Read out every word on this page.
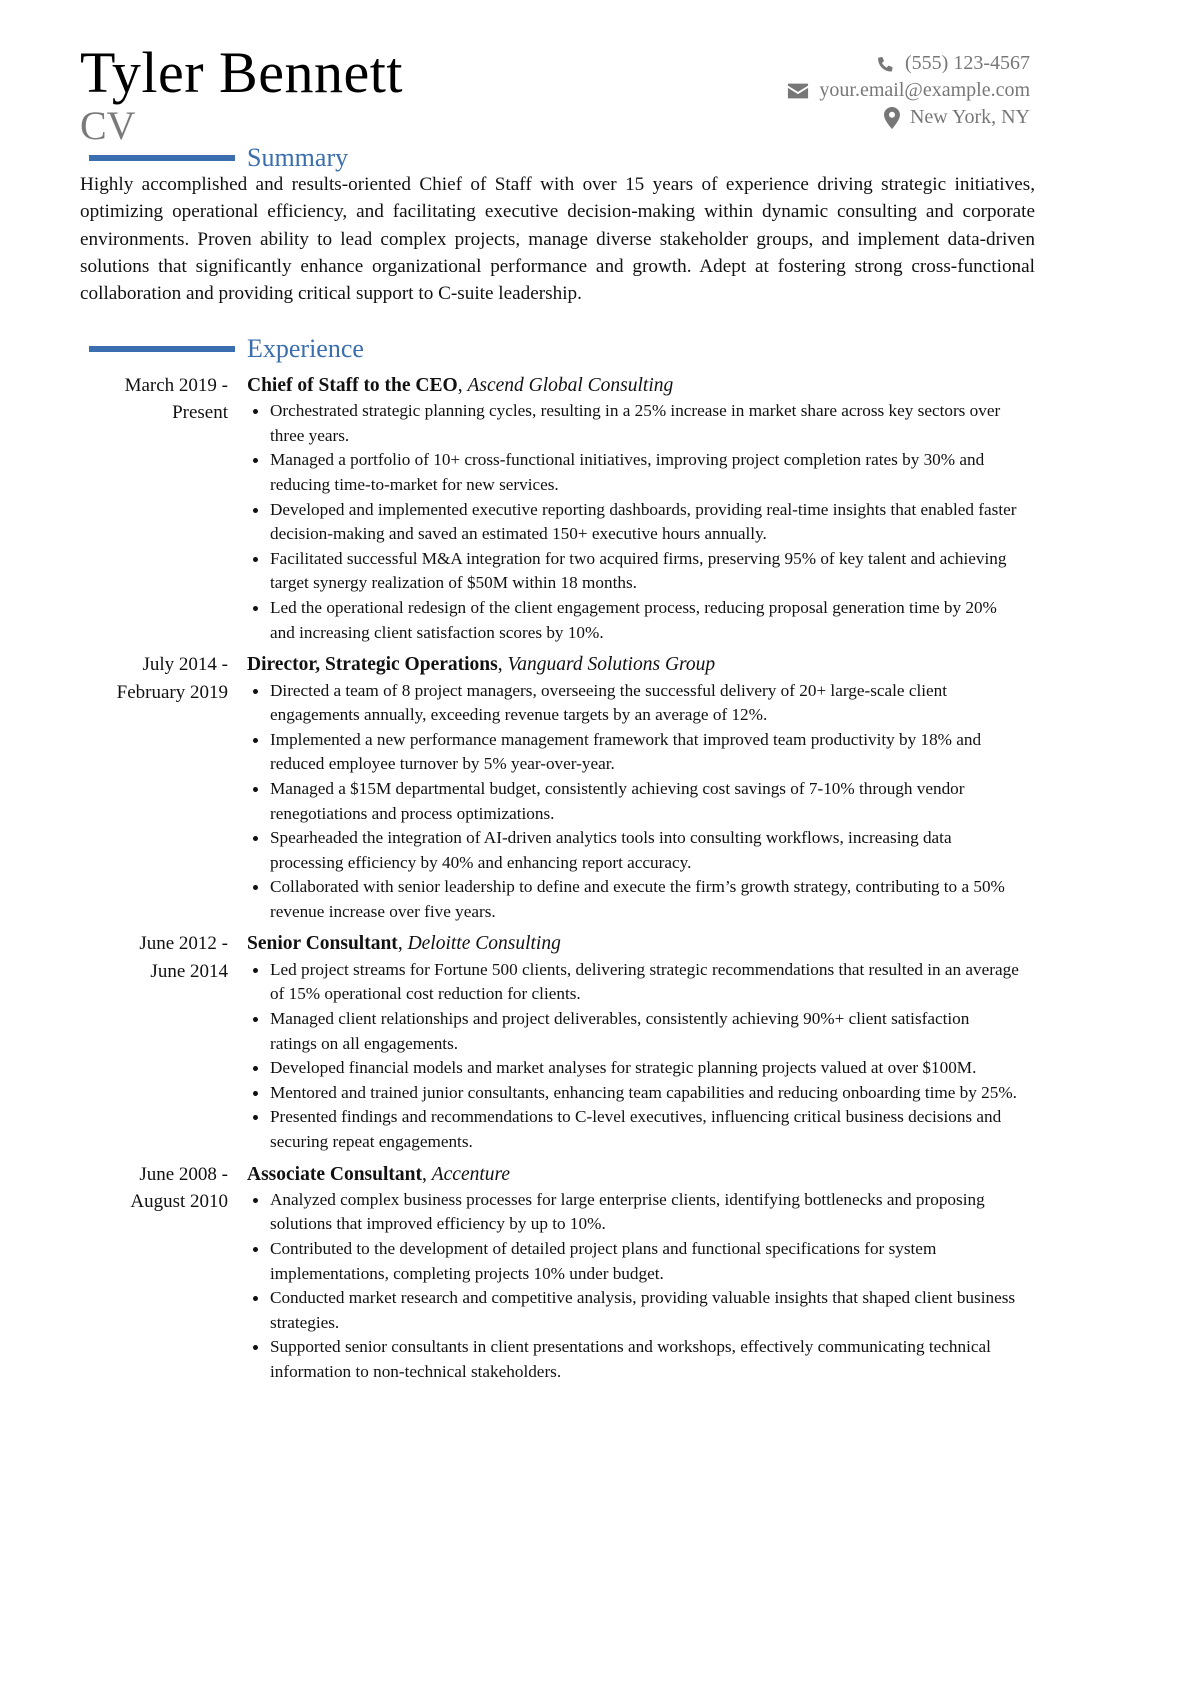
Tyler Bennett
CV
(555) 123-4567
your.email@example.com
New York, NY
Summary

Highly accomplished and results-oriented Chief of Staff with over 15 years of experience driving strategic initiatives, optimizing operational efficiency, and facilitating executive decision-making within dynamic consulting and corporate environments. Proven ability to lead complex projects, manage diverse stakeholder groups, and implement data-driven solutions that significantly enhance organizational performance and growth. Adept at fostering strong cross-functional collaboration and providing critical support to C-suite leadership.

Experience
March 2019 -
Present
Chief of Staff to the CEO, Ascend Global Consulting
Orchestrated strategic planning cycles, resulting in a 25% increase in market share across key sectors over three years.
Managed a portfolio of 10+ cross-functional initiatives, improving project completion rates by 30% and reducing time-to-market for new services.
Developed and implemented executive reporting dashboards, providing real-time insights that enabled faster decision-making and saved an estimated 150+ executive hours annually.
Facilitated successful M&A integration for two acquired firms, preserving 95% of key talent and achieving target synergy realization of $50M within 18 months.
Led the operational redesign of the client engagement process, reducing proposal generation time by 20% and increasing client satisfaction scores by 10%.
July 2014 -
February 2019
Director, Strategic Operations, Vanguard Solutions Group
Directed a team of 8 project managers, overseeing the successful delivery of 20+ large-scale client engagements annually, exceeding revenue targets by an average of 12%.
Implemented a new performance management framework that improved team productivity by 18% and reduced employee turnover by 5% year-over-year.
Managed a $15M departmental budget, consistently achieving cost savings of 7-10% through vendor renegotiations and process optimizations.
Spearheaded the integration of AI-driven analytics tools into consulting workflows, increasing data processing efficiency by 40% and enhancing report accuracy.
Collaborated with senior leadership to define and execute the firm’s growth strategy, contributing to a 50% revenue increase over five years.
June 2012 -
June 2014
Senior Consultant, Deloitte Consulting
Led project streams for Fortune 500 clients, delivering strategic recommendations that resulted in an average of 15% operational cost reduction for clients.
Managed client relationships and project deliverables, consistently achieving 90%+ client satisfaction ratings on all engagements.
Developed financial models and market analyses for strategic planning projects valued at over $100M.
Mentored and trained junior consultants, enhancing team capabilities and reducing onboarding time by 25%.
Presented findings and recommendations to C-level executives, influencing critical business decisions and securing repeat engagements.
June 2008 -
August 2010
Associate Consultant, Accenture
Analyzed complex business processes for large enterprise clients, identifying bottlenecks and proposing solutions that improved efficiency by up to 10%.
Contributed to the development of detailed project plans and functional specifications for system implementations, completing projects 10% under budget.
Conducted market research and competitive analysis, providing valuable insights that shaped client business strategies.
Supported senior consultants in client presentations and workshops, effectively communicating technical information to non-technical stakeholders.
